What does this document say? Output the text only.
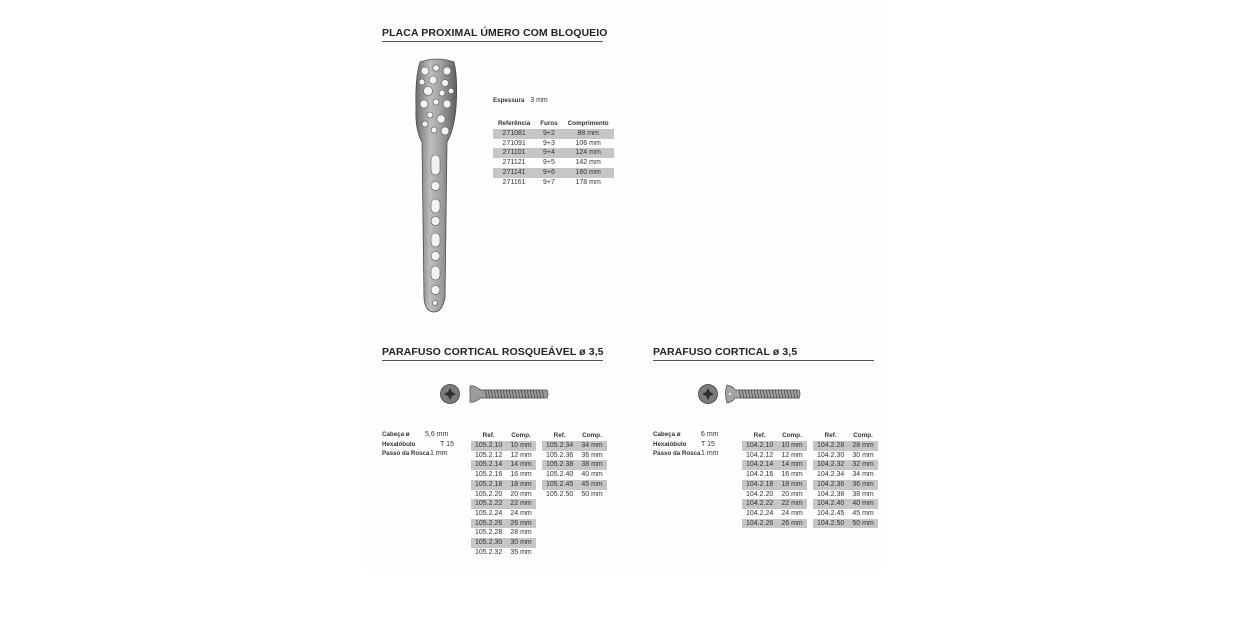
PLACA PROXIMAL ÚMERO COM BLOQUEIO
Espessura 3 mm
Referência	Furos	Comprimento
271081	9+2	88 mm
271091	9+3	106 mm
271101	9+4	124 mm
271121	9+5	142 mm
271141	9+6	160 mm
271161	9+7	178 mm
PARAFUSO CORTICAL ROSQUEÁVEL ø 3,5
Cabeça ø 5,6 mm
Hexalóbulo	T 15
Passo da Rosca 1 mm
Ref.	Comp.
105.2.10	10 mm
105.2.12	12 mm
105.2.14	14 mm
105.2.16	16 mm
105.2.18	18 mm
105.2.20	20 mm
105.2.22	22 mm
105.2.24	24 mm
105.2.26	26 mm
105.2.28	28 mm
105.2.30	30 mm
105.2.32	35 mm
Ref.	Comp.
105.2.34	34 mm
105.2.36	36 mm
105.2.38	38 mm
105.2.40	40 mm
105.2.45	45 mm
105.2.50	50 mm
PARAFUSO CORTICAL ø 3,5
Cabeça ø	6 mm
Hexalóbulo T 15
Passo da Rosca 1 mm
Ref.	Comp.
104.2.10	10 mm
104.2.12	12 mm
104.2.14	14 mm
104.2.16	16 mm
104.2.18	18 mm
104.2.20	20 mm
104.2.22	22 mm
104.2.24	24 mm
104.2.26	26 mm
Ref.	Comp.
104.2.28	28 mm
104.2.30	30 mm
104.2.32	32 mm
104.2.34	34 mm
104.2.36	36 mm
104.2.38	38 mm
104.2.40	40 mm
104.2.45	45 mm
104.2.50	50 mm
